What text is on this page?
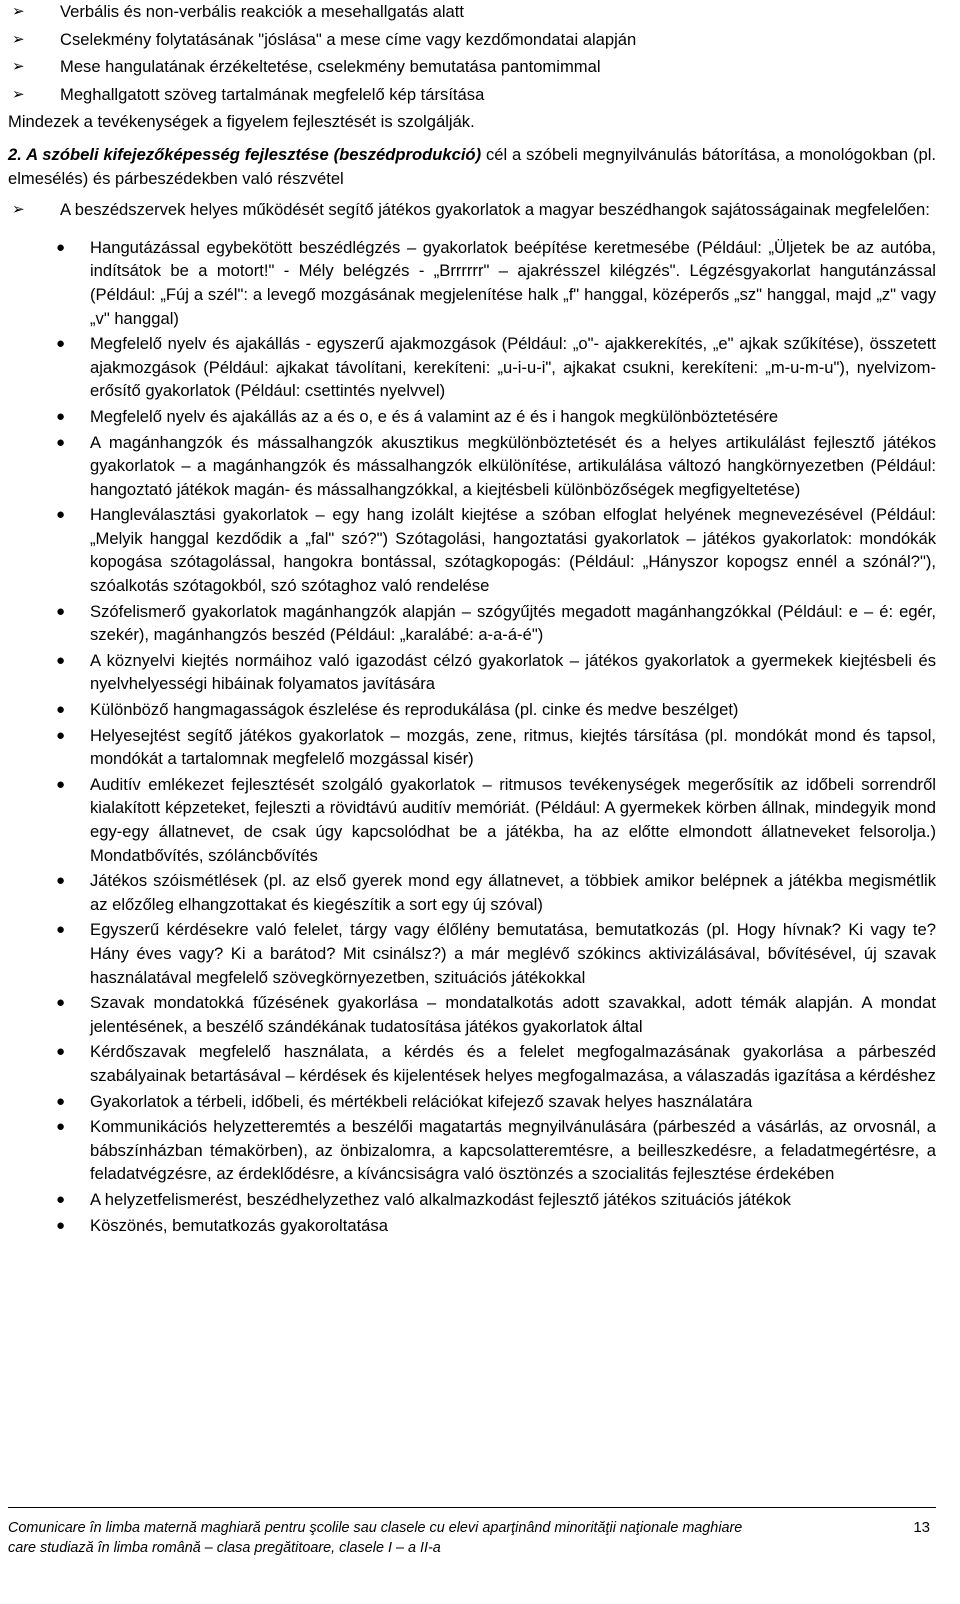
➢ Verbális és non-verbális reakciók a mesehallgatás alatt
➢ Cselekmény folytatásának "jóslása" a mese címe vagy kezdőmondatai alapján
➢ Mese hangulatának érzékeltetése, cselekmény bemutatása pantomimmal
➢ Meghallgatott szöveg tartalmának megfelelő kép társítása
Mindezek a tevékenységek a figyelem fejlesztését is szolgálják.
2. A szóbeli kifejezőképesség fejlesztése (beszédprodukció) cél a szóbeli megnyilvánulás bátorítása, a monológokban (pl. elmesélés) és párbeszédekben való részvétel
➢ A beszédszervek helyes működését segítő játékos gyakorlatok a magyar beszédhangok sajátosságainak megfelelően:
● Hangutázással egybekötött beszédlégzés – gyakorlatok beépítése keretmesébe (Például: „Üljetek be az autóba, indítsátok be a motort!" - Mély belégzés - „Brrrrrr" – ajakrésszel kilégzés". Légzésgyakorlat hangutánzással (Például: „Fúj a szél": a levegő mozgásának megjelenítése halk „f" hanggal, középerős „sz" hanggal, majd „z" vagy „v" hanggal)
● Megfelelő nyelv és ajakállás - egyszerű ajakmozgások (Például: „o"- ajakkerekítés, „e" ajkak szűkítése), összetett ajakmozgások (Például: ajkakat távolítani, kerekíteni: „u-i-u-i", ajkakat csukni, kerekíteni: „m-u-m-u"), nyelvizom-erősítő gyakorlatok (Például: csettintés nyelvvel)
● Megfelelő nyelv és ajakállás az a és o, e és á valamint az é és i hangok megkülönböztetésére
● A magánhangzók és mássalhangzók akusztikus megkülönböztetését és a helyes artikulálást fejlesztő játékos gyakorlatok – a magánhangzók és mássalhangzók elkülönítése, artikulálása változó hangkörnyezetben (Például: hangoztató játékok magán- és mássalhangzókkal, a kiejtésbeli különbözőségek megfigyeltetése)
● Hangleválasztási gyakorlatok – egy hang izolált kiejtése a szóban elfoglat helyének megnevezésével (Például: „Melyik hanggal kezdődik a „fal" szó?") Szótagolási, hangoztatási gyakorlatok – játékos gyakorlatok: mondókák kopogása szótagolással, hangokra bontással, szótagkopogás: (Például: „Hányszor kopogsz ennél a szónál?"), szóalkotás szótagokból, szó szótaghoz való rendelése
● Szófelismerő gyakorlatok magánhangzók alapján – szógyűjtés megadott magánhangzókkal (Például: e – é: egér, szekér), magánhangzós beszéd (Például: „karalábé: a-a-á-é")
● A köznyelvi kiejtés normáihoz való igazodást célzó gyakorlatok – játékos gyakorlatok a gyermekek kiejtésbeli és nyelvhelyességi hibáinak folyamatos javítására
● Különböző hangmagasságok észlelése és reprodukálása (pl. cinke és medve beszélget)
● Helyesejtést segítő játékos gyakorlatok – mozgás, zene, ritmus, kiejtés társítása (pl. mondókát mond és tapsol, mondókát a tartalomnak megfelelő mozgással kisér)
● Auditív emlékezet fejlesztését szolgáló gyakorlatok – ritmusos tevékenységek megerősítik az időbeli sorrendről kialakított képzeteket, fejleszti a rövidtávú auditív memóriát. (Például: A gyermekek körben állnak, mindegyik mond egy-egy állatnevet, de csak úgy kapcsolódhat be a játékba, ha az előtte elmondott állatneveket felsorolja.) Mondatbővítés, szóláncbővítés
● Játékos szóismétlések (pl. az első gyerek mond egy állatnevet, a többiek amikor belépnek a játékba megismétlik az előzőleg elhangzottakat és kiegészítik a sort egy új szóval)
● Egyszerű kérdésekre való felelet, tárgy vagy élőlény bemutatása, bemutatkozás (pl. Hogy hívnak? Ki vagy te? Hány éves vagy? Ki a barátod? Mit csinálsz?) a már meglévő szókincs aktivizálásával, bővítésével, új szavak használatával megfelelő szövegkörnyezetben, szituációs játékokkal
● Szavak mondatokká fűzésének gyakorlása – mondatalkotás adott szavakkal, adott témák alapján. A mondat jelentésének, a beszélő szándékának tudatosítása játékos gyakorlatok által
● Kérdőszavak megfelelő használata, a kérdés és a felelet megfogalmazásának gyakorlása a párbeszéd szabályainak betartásával – kérdések és kijelentések helyes megfogalmazása, a válaszadás igazítása a kérdéshez
● Gyakorlatok a térbeli, időbeli, és mértékbeli relációkat kifejező szavak helyes használatára
● Kommunikációs helyzetteremtés a beszélői magatartás megnyilvánulására (párbeszéd a vásárlás, az orvosnál, a bábszínházban témakörben), az önbizalomra, a kapcsolatteremtésre, a beilleszkedésre, a feladatmegértésre, a feladatvégzésre, az érdeklődésre, a kíváncsiságra való ösztönzés a szocialitás fejlesztése érdekében
● A helyzetfelismerést, beszédhelyzethez való alkalmazkodást fejlesztő játékos szituációs játékok
● Köszönés, bemutatkozás gyakoroltatása
Comunicare în limba maternă maghiară pentru şcolile sau clasele cu elevi aparţinând minorităţii naţionale maghiare
care studiază în limba română – clasa pregătitoare, clasele I – a II-a
13
